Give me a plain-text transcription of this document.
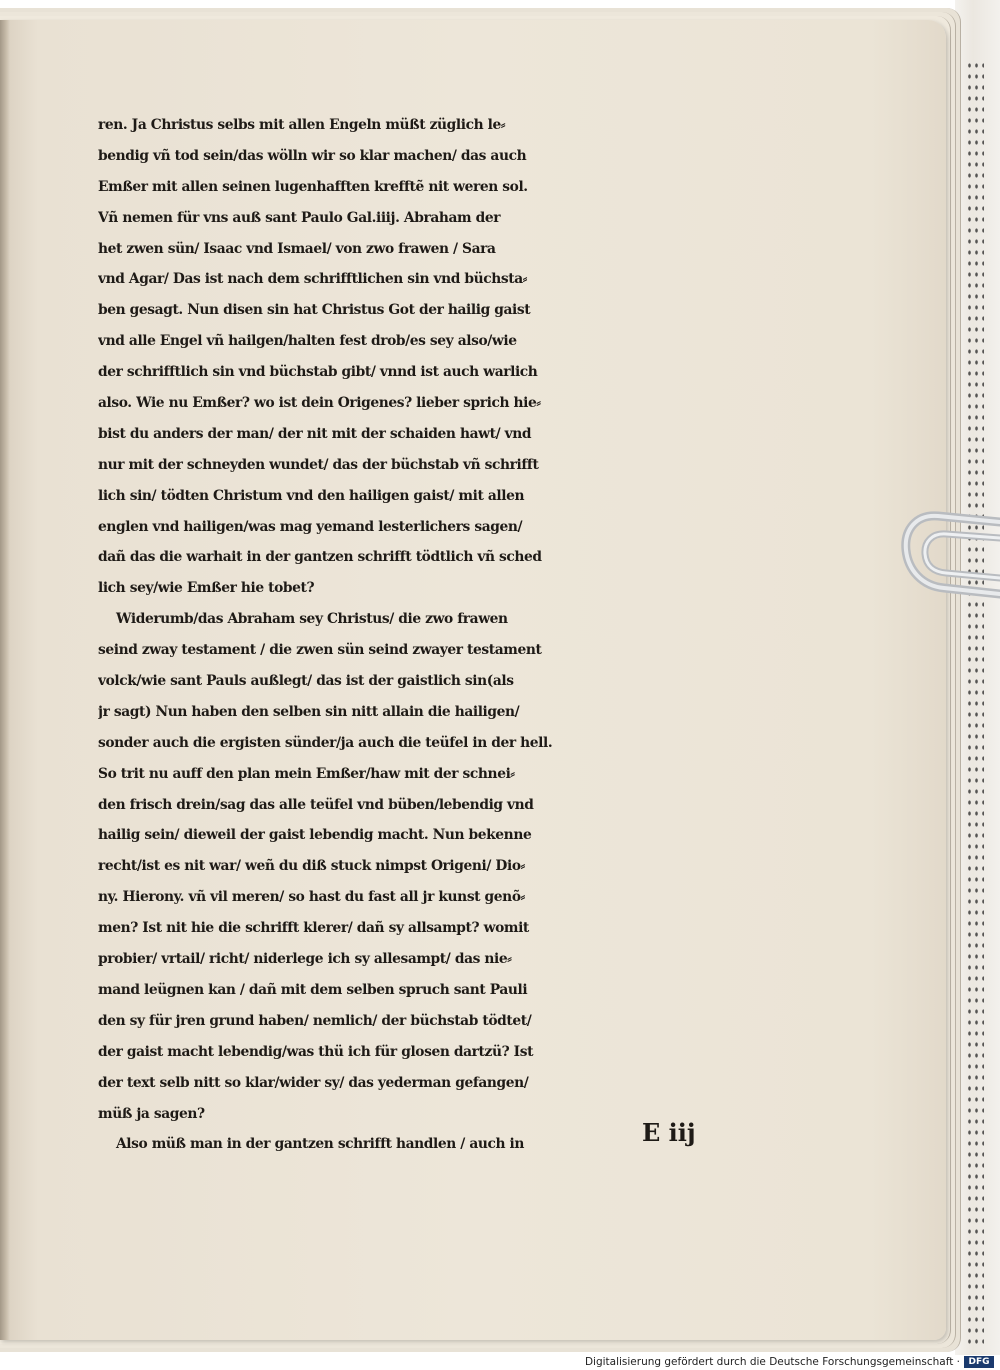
ren. Ja Christus selbs mit allen Engeln müßt züglich le⸗
bendig vñ tod sein/das wölln wir so klar machen/ das auch
Emßer mit allen seinen lugenhafften krefftẽ nit weren sol.
Vñ nemen für vns auß sant Paulo Gal.iiij. Abraham der
het zwen sün/ Isaac vnd Ismael/ von zwo frawen / Sara
vnd Agar/ Das ist nach dem schrifftlichen sin vnd büchsta⸗
ben gesagt. Nun disen sin hat Christus Got der hailig gaist
vnd alle Engel vñ hailgen/halten fest drob/es sey also/wie
der schrifftlich sin vnd büchstab gibt/ vnnd ist auch warlich
also. Wie nu Emßer? wo ist dein Origenes? lieber sprich hie⸗
bist du anders der man/ der nit mit der schaiden hawt/ vnd
nur mit der schneyden wundet/ das der büchstab vñ schrifft
lich sin/ tödten Christum vnd den hailigen gaist/ mit allen
englen vnd hailigen/was mag yemand lesterlichers sagen/
dañ das die warhait in der gantzen schrifft tödtlich vñ sched
lich sey/wie Emßer hie tobet?
Widerumb/das Abraham sey Christus/ die zwo frawen
seind zway testament / die zwen sün seind zwayer testament
volck/wie sant Pauls außlegt/ das ist der gaistlich sin(als
jr sagt) Nun haben den selben sin nitt allain die hailigen/
sonder auch die ergisten sünder/ja auch die teüfel in der hell.
So trit nu auff den plan mein Emßer/haw mit der schnei⸗
den frisch drein/sag das alle teüfel vnd büben/lebendig vnd
hailig sein/ dieweil der gaist lebendig macht. Nun bekenne
recht/ist es nit war/ weñ du diß stuck nimpst Origeni/ Dio⸗
ny. Hierony. vñ vil meren/ so hast du fast all jr kunst genõ⸗
men? Ist nit hie die schrifft klerer/ dañ sy allsampt? womit
probier/ vrtail/ richt/ niderlege ich sy allesampt/ das nie⸗
mand leügnen kan / dañ mit dem selben spruch sant Pauli
den sy für jren grund haben/ nemlich/ der büchstab tödtet/
der gaist macht lebendig/was thü ich für glosen dartzü? Ist
der text selb nitt so klar/wider sy/ das yederman gefangen/
müß ja sagen?
Also müß man in der gantzen schrifft handlen / auch in	E iij
Digitalisierung gefördert durch die Deutsche Forschungsgemeinschaft · DFG
